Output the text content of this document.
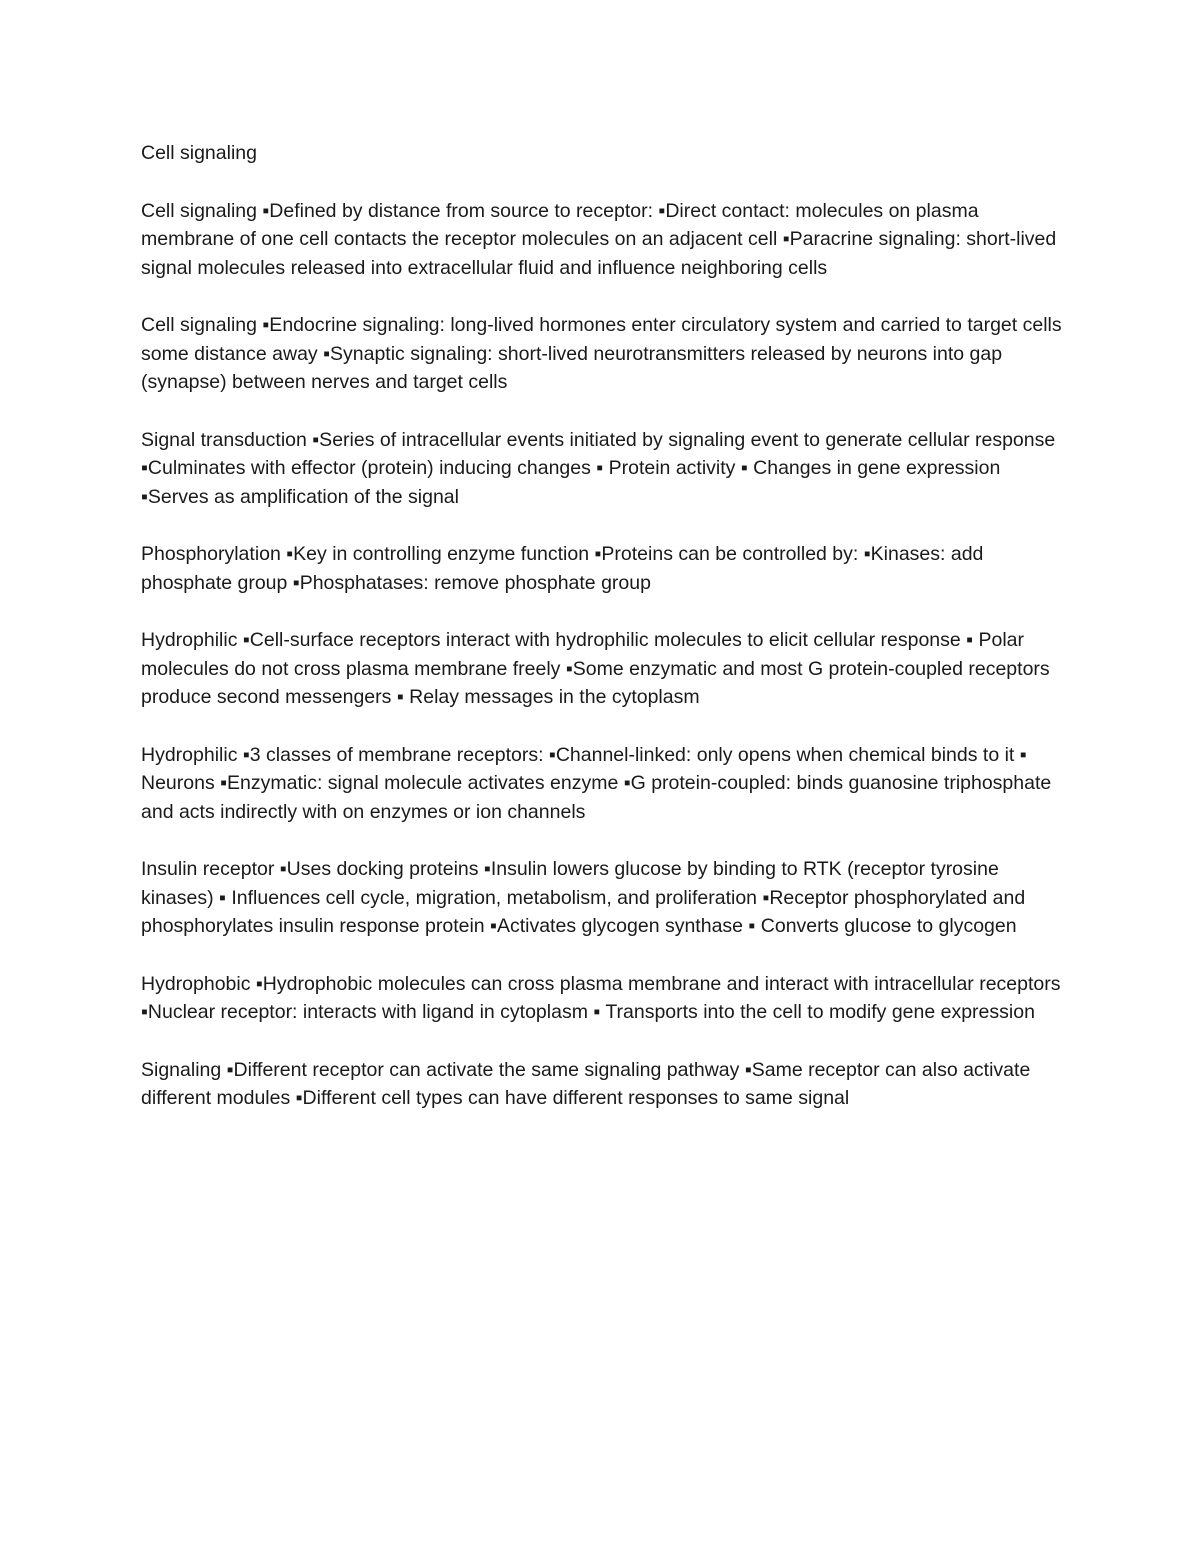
Cell signaling

Cell signaling ▪Defined by distance from source to receptor: ▪Direct contact: molecules on plasma membrane of one cell contacts the receptor molecules on an adjacent cell ▪Paracrine signaling: short-lived signal molecules released into extracellular fluid and influence neighboring cells

Cell signaling ▪Endocrine signaling: long-lived hormones enter circulatory system and carried to target cells some distance away ▪Synaptic signaling: short-lived neurotransmitters released by neurons into gap (synapse) between nerves and target cells

Signal transduction ▪Series of intracellular events initiated by signaling event to generate cellular response ▪Culminates with effector (protein) inducing changes ▪ Protein activity ▪ Changes in gene expression ▪Serves as amplification of the signal

Phosphorylation ▪Key in controlling enzyme function ▪Proteins can be controlled by: ▪Kinases: add phosphate group ▪Phosphatases: remove phosphate group

Hydrophilic ▪Cell-surface receptors interact with hydrophilic molecules to elicit cellular response ▪ Polar molecules do not cross plasma membrane freely ▪Some enzymatic and most G protein-coupled receptors produce second messengers ▪ Relay messages in the cytoplasm

Hydrophilic ▪3 classes of membrane receptors: ▪Channel-linked: only opens when chemical binds to it ▪ Neurons ▪Enzymatic: signal molecule activates enzyme ▪G protein-coupled: binds guanosine triphosphate and acts indirectly with on enzymes or ion channels

Insulin receptor ▪Uses docking proteins ▪Insulin lowers glucose by binding to RTK (receptor tyrosine kinases) ▪ Influences cell cycle, migration, metabolism, and proliferation ▪Receptor phosphorylated and phosphorylates insulin response protein ▪Activates glycogen synthase ▪ Converts glucose to glycogen

Hydrophobic ▪Hydrophobic molecules can cross plasma membrane and interact with intracellular receptors ▪Nuclear receptor: interacts with ligand in cytoplasm ▪ Transports into the cell to modify gene expression

Signaling ▪Different receptor can activate the same signaling pathway ▪Same receptor can also activate different modules ▪Different cell types can have different responses to same signal
